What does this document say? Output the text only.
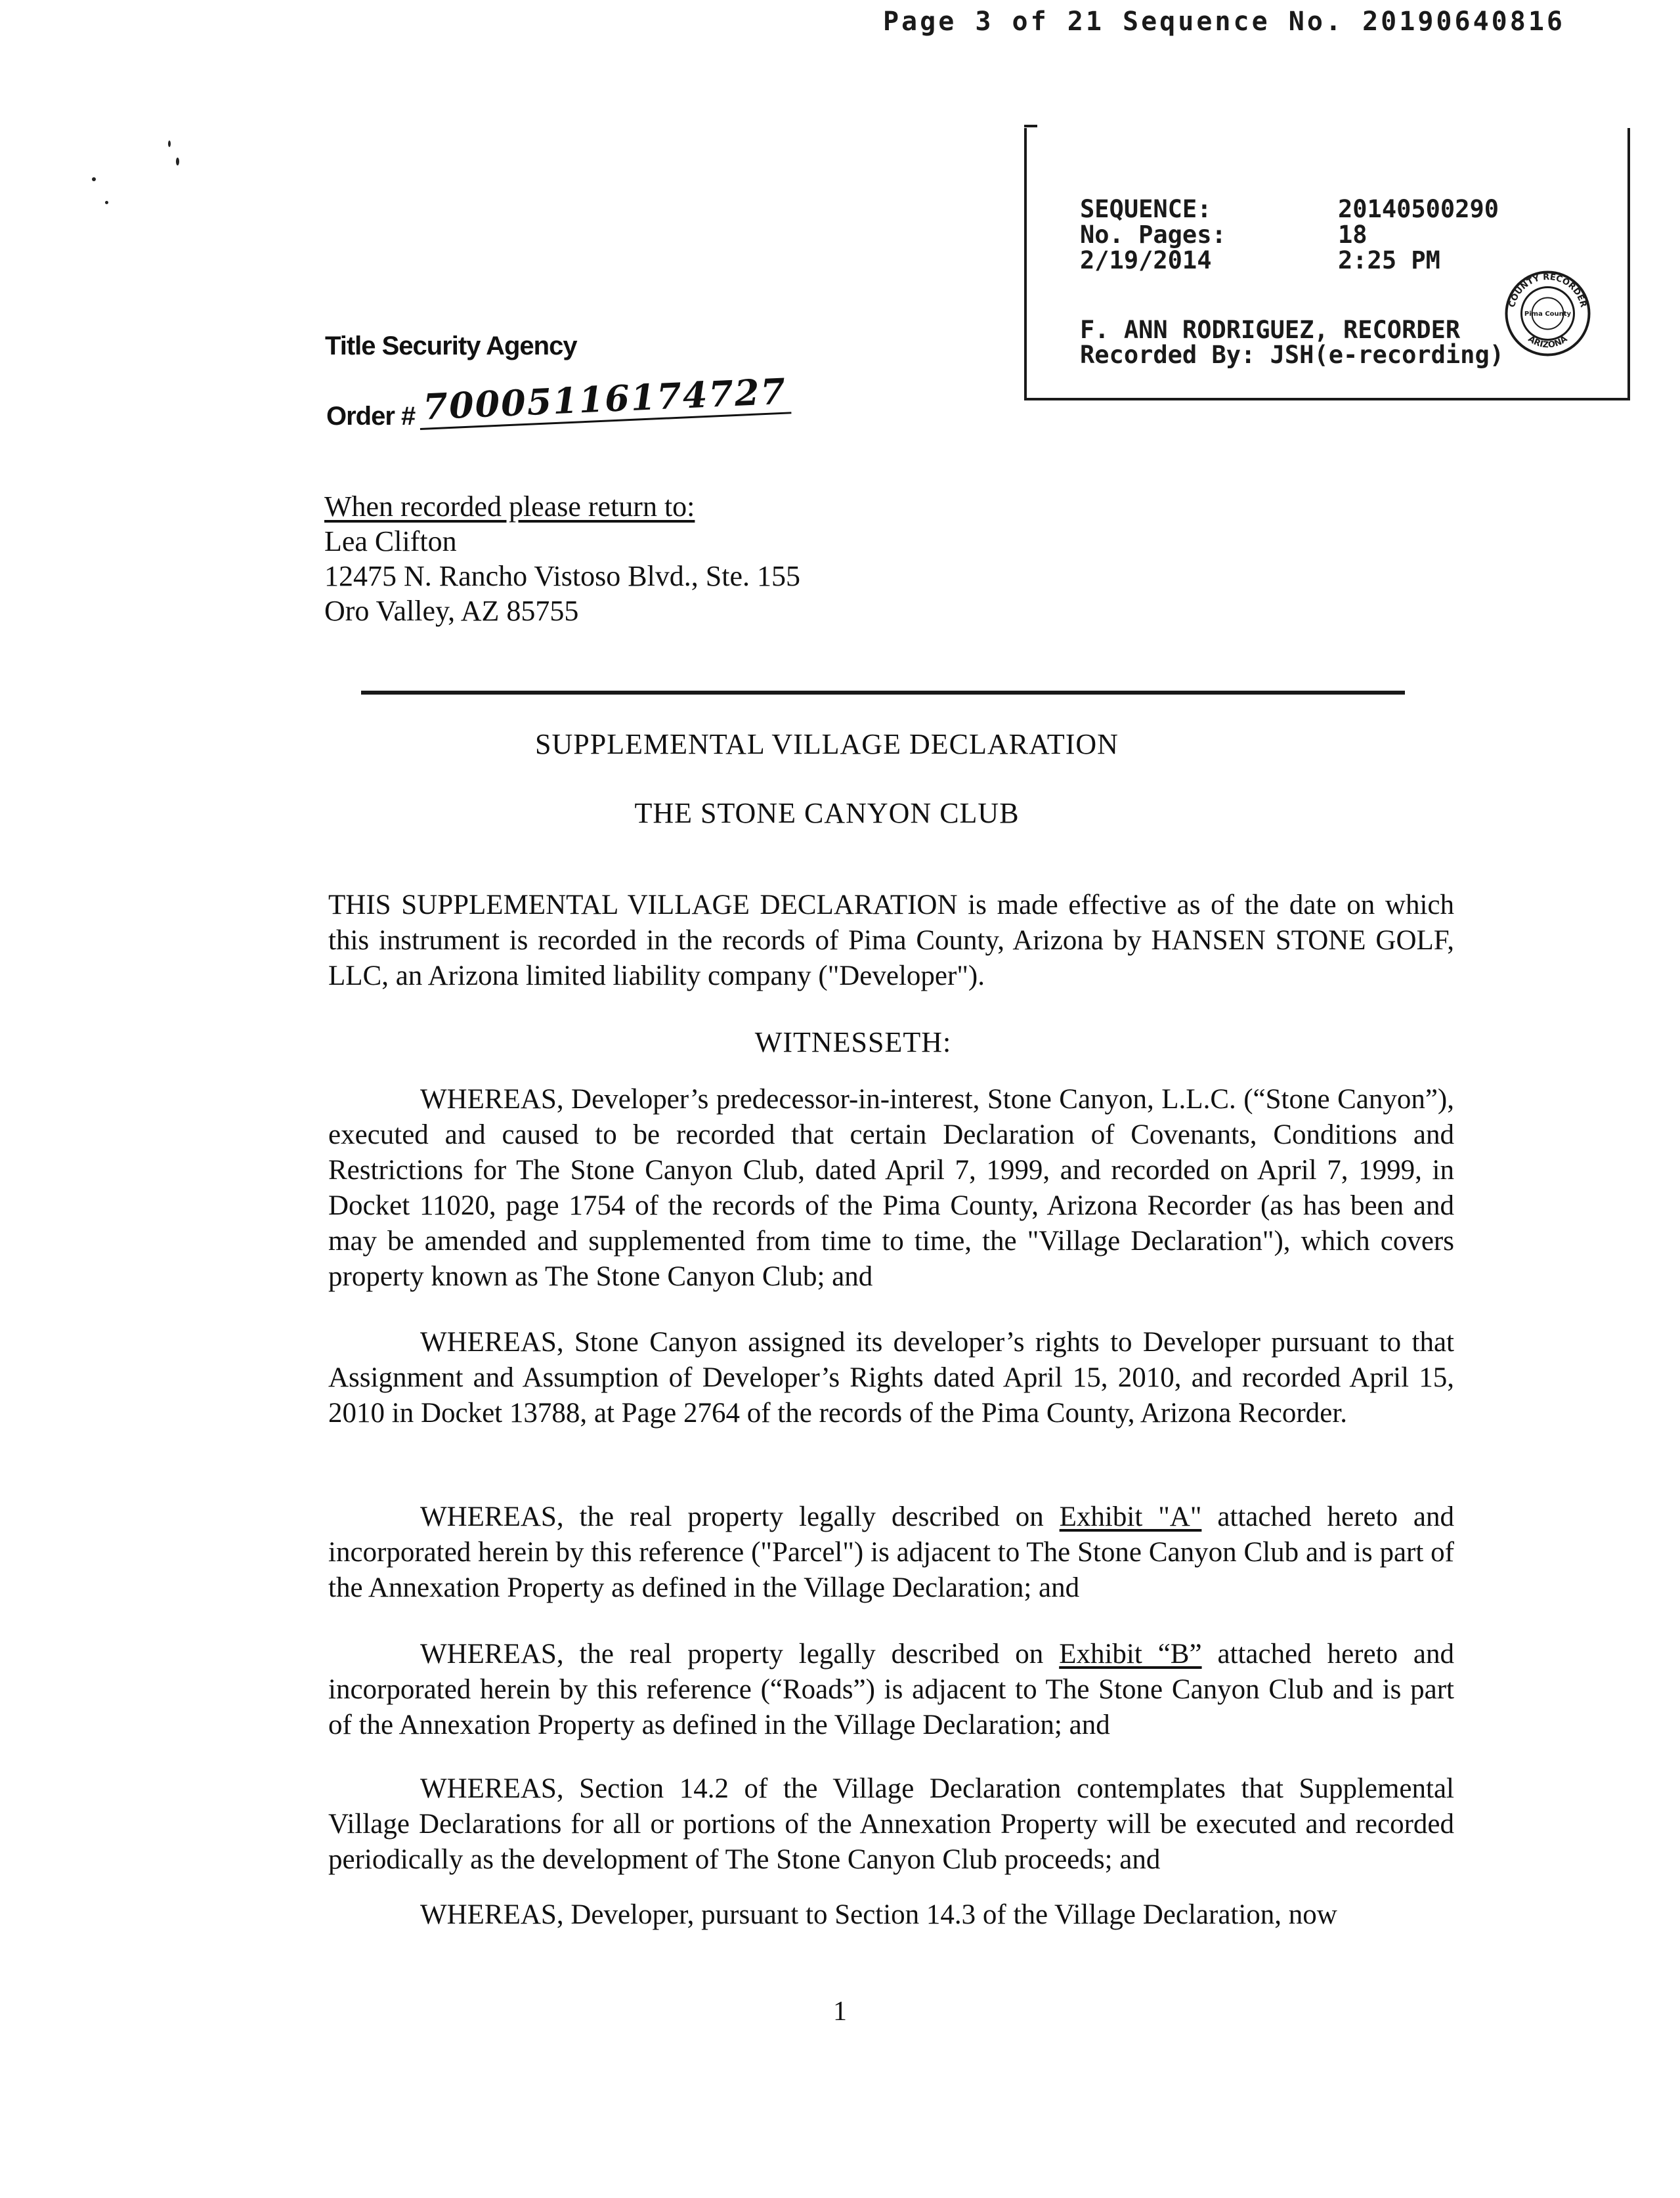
Page 3 of 21 Sequence No. 20190640816
SEQUENCE:	20140500290
No. Pages:	18
2/19/2014	2:25 PM
F. ANN RODRIGUEZ, RECORDER
Recorded By: JSH(e-recording)
COUNTY RECORDER
ARIZONA
Pima County
Title Security Agency
Order # 70005116174727
When recorded please return to:
Lea Clifton
12475 N. Rancho Vistoso Blvd., Ste. 155
Oro Valley, AZ 85755
SUPPLEMENTAL VILLAGE DECLARATION
THE STONE CANYON CLUB
THIS SUPPLEMENTAL VILLAGE DECLARATION is made effective as of the date on which this instrument is recorded in the records of Pima County, Arizona by HANSEN STONE GOLF, LLC, an Arizona limited liability company ("Developer").
WITNESSETH:
WHEREAS, Developer’s predecessor-in-interest, Stone Canyon, L.L.C. (“Stone Canyon”), executed and caused to be recorded that certain Declaration of Covenants, Conditions and Restrictions for The Stone Canyon Club, dated April 7, 1999, and recorded on April 7, 1999, in Docket 11020, page 1754 of the records of the Pima County, Arizona Recorder (as has been and may be amended and supplemented from time to time, the "Village Declaration"), which covers property known as The Stone Canyon Club; and
WHEREAS, Stone Canyon assigned its developer’s rights to Developer pursuant to that Assignment and Assumption of Developer’s Rights dated April 15, 2010, and recorded April 15, 2010 in Docket 13788, at Page 2764 of the records of the Pima County, Arizona Recorder.
WHEREAS, the real property legally described on Exhibit "A" attached hereto and incorporated herein by this reference ("Parcel") is adjacent to The Stone Canyon Club and is part of the Annexation Property as defined in the Village Declaration; and
WHEREAS, the real property legally described on Exhibit “B” attached hereto and incorporated herein by this reference (“Roads”) is adjacent to The Stone Canyon Club and is part of the Annexation Property as defined in the Village Declaration; and
WHEREAS, Section 14.2 of the Village Declaration contemplates that Supplemental Village Declarations for all or portions of the Annexation Property will be executed and recorded periodically as the development of The Stone Canyon Club proceeds; and
WHEREAS, Developer, pursuant to Section 14.3 of the Village Declaration, now
1
